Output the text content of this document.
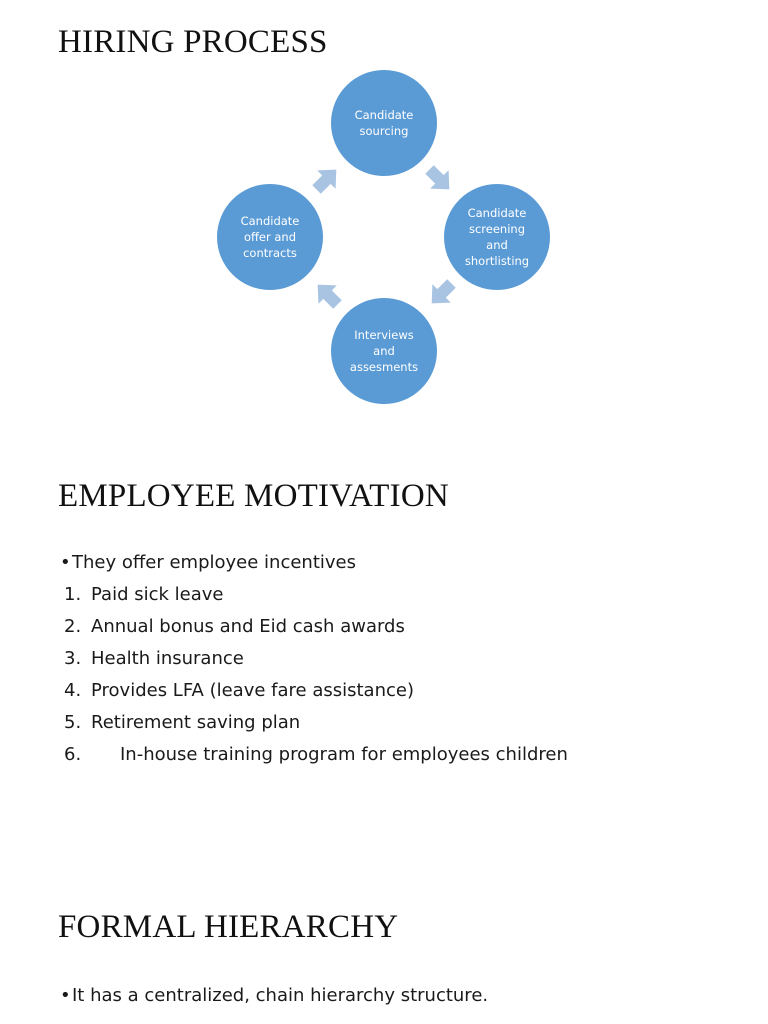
HIRING PROCESS
Candidate
sourcing
Candidate
screening
and
shortlisting
Interviews
and
assesments
Candidate
offer and
contracts
EMPLOYEE MOTIVATION
•They offer employee incentives
1. Paid sick leave
2. Annual bonus and Eid cash awards
3. Health insurance
4. Provides LFA (leave fare assistance)
5. Retirement saving plan
6. In-house training program for employees children
FORMAL HIERARCHY
•It has a centralized, chain hierarchy structure.
